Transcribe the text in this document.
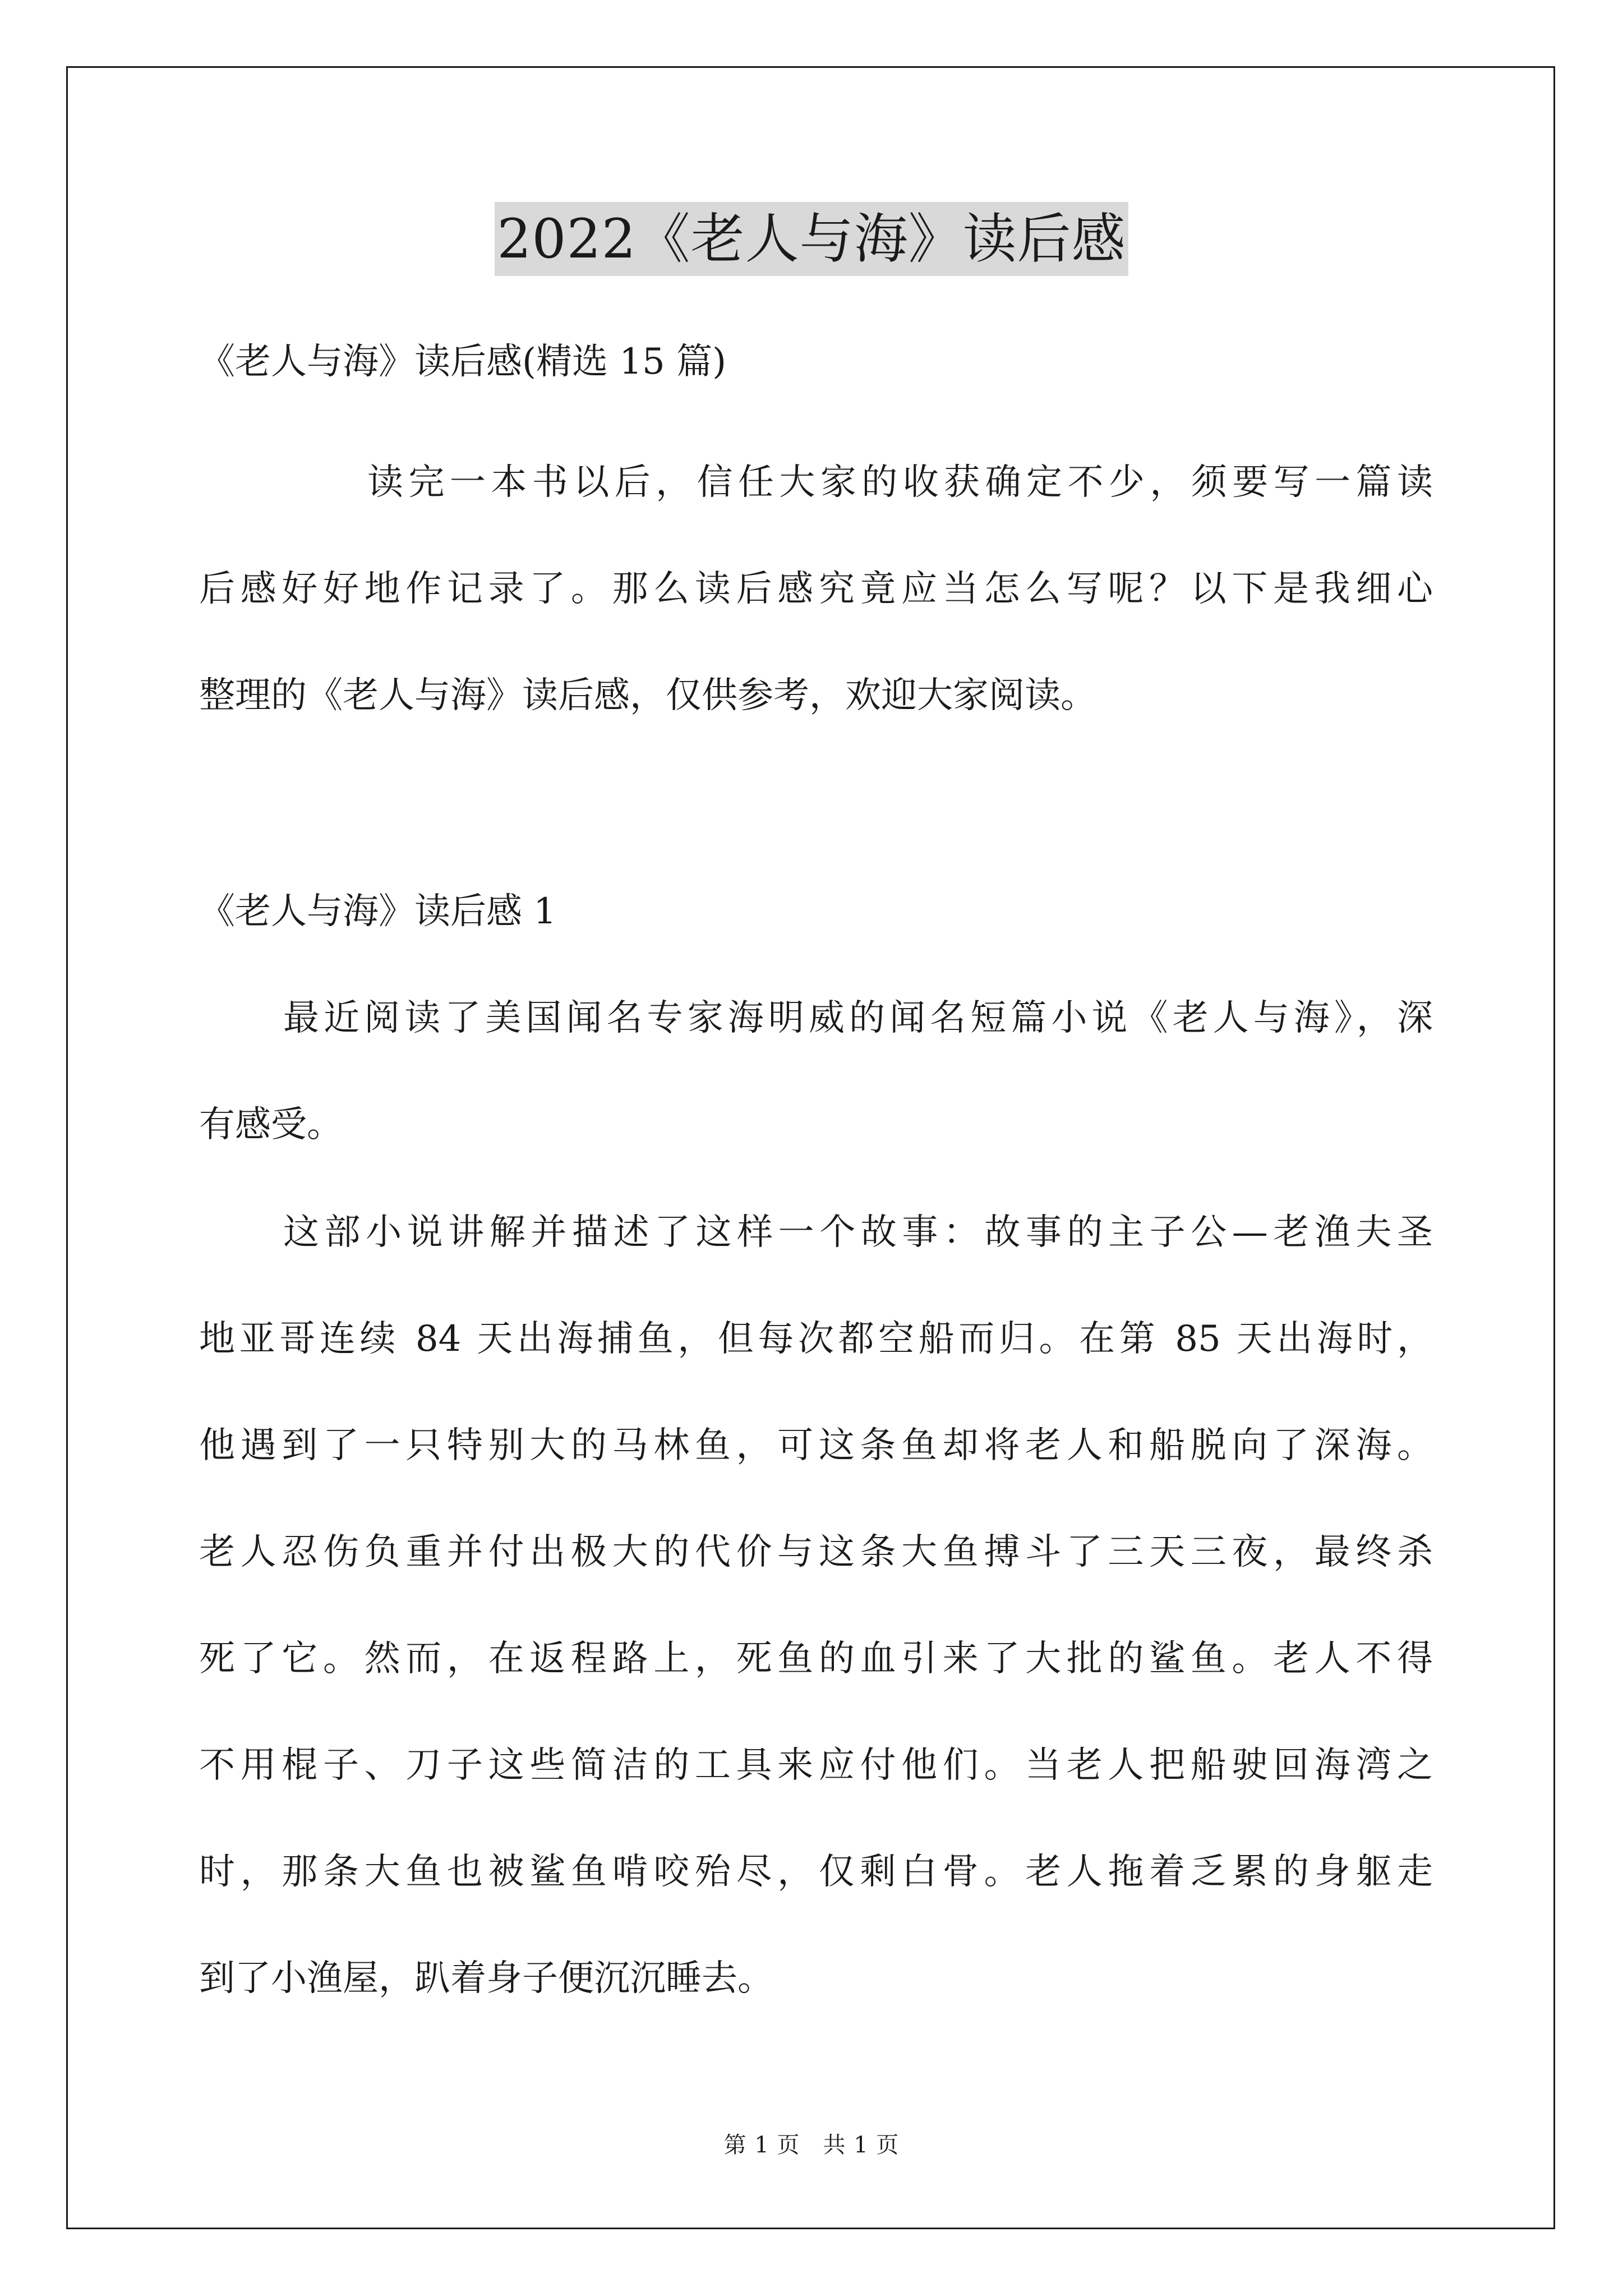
2022《老人与海》读后感
《老人与海》读后感(精选 15 篇)
读完一本书以后，信任大家的收获确定不少，须要写一篇读
后感好好地作记录了。那么读后感究竟应当怎么写呢？以下是我细心
整理的《老人与海》读后感，仅供参考，欢迎大家阅读。
《老人与海》读后感 1
最近阅读了美国闻名专家海明威的闻名短篇小说《老人与海》，深
有感受。
这部小说讲解并描述了这样一个故事：故事的主子公—老渔夫圣
地亚哥连续 84 天出海捕鱼，但每次都空船而归。在第 85 天出海时，
他遇到了一只特别大的马林鱼，可这条鱼却将老人和船脱向了深海。
老人忍伤负重并付出极大的代价与这条大鱼搏斗了三天三夜，最终杀
死了它。然而，在返程路上，死鱼的血引来了大批的鲨鱼。老人不得
不用棍子、刀子这些简洁的工具来应付他们。当老人把船驶回海湾之
时，那条大鱼也被鲨鱼啃咬殆尽，仅剩白骨。老人拖着乏累的身躯走
到了小渔屋，趴着身子便沉沉睡去。
第 1 页　共 1 页
